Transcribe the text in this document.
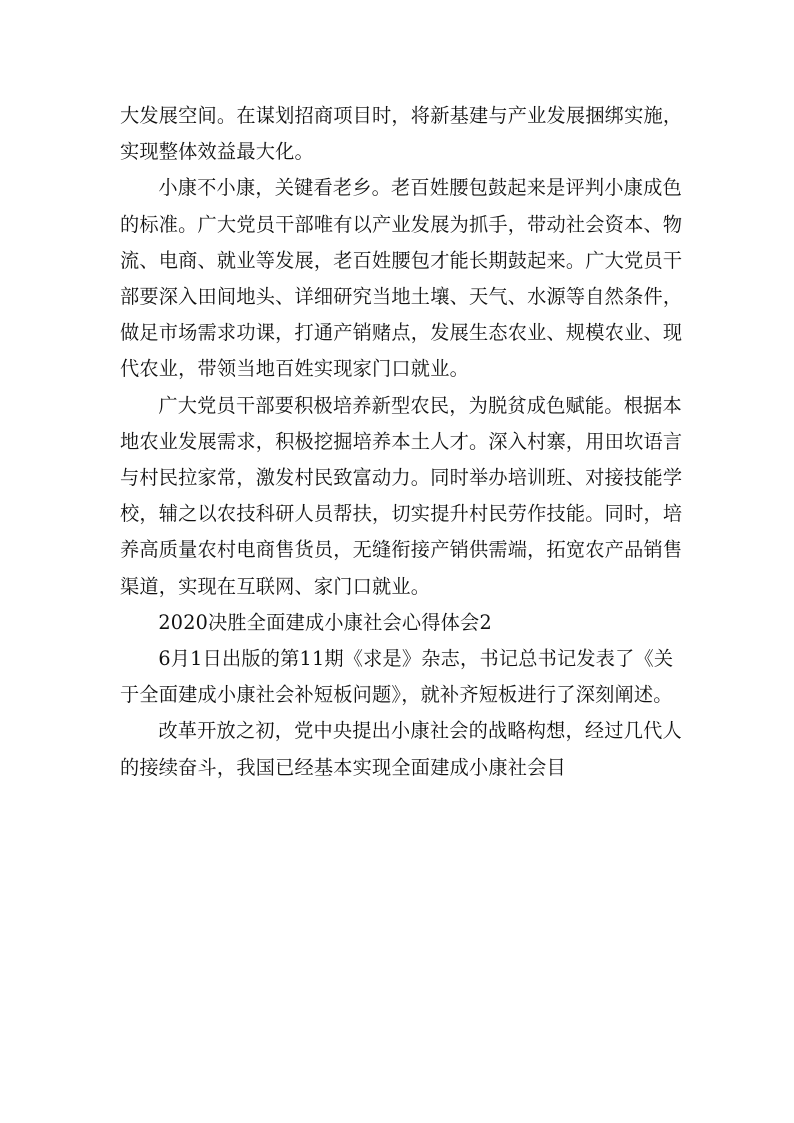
大发展空间。在谋划招商项目时，将新基建与产业发展捆绑实施，实现整体效益最大化。

小康不小康，关键看老乡。老百姓腰包鼓起来是评判小康成色的标准。广大党员干部唯有以产业发展为抓手，带动社会资本、物流、电商、就业等发展，老百姓腰包才能长期鼓起来。广大党员干部要深入田间地头、详细研究当地土壤、天气、水源等自然条件，做足市场需求功课，打通产销赌点，发展生态农业、规模农业、现代农业，带领当地百姓实现家门口就业。

广大党员干部要积极培养新型农民，为脱贫成色赋能。根据本地农业发展需求，积极挖掘培养本土人才。深入村寨，用田坎语言与村民拉家常，激发村民致富动力。同时举办培训班、对接技能学校，辅之以农技科研人员帮扶，切实提升村民劳作技能。同时，培养高质量农村电商售货员，无缝衔接产销供需端，拓宽农产品销售渠道，实现在互联网、家门口就业。

2020决胜全面建成小康社会心得体会2

6月1日出版的第11期《求是》杂志，书记总书记发表了《关于全面建成小康社会补短板问题》，就补齐短板进行了深刻阐述。

改革开放之初，党中央提出小康社会的战略构想，经过几代人的接续奋斗，我国已经基本实现全面建成小康社会目
